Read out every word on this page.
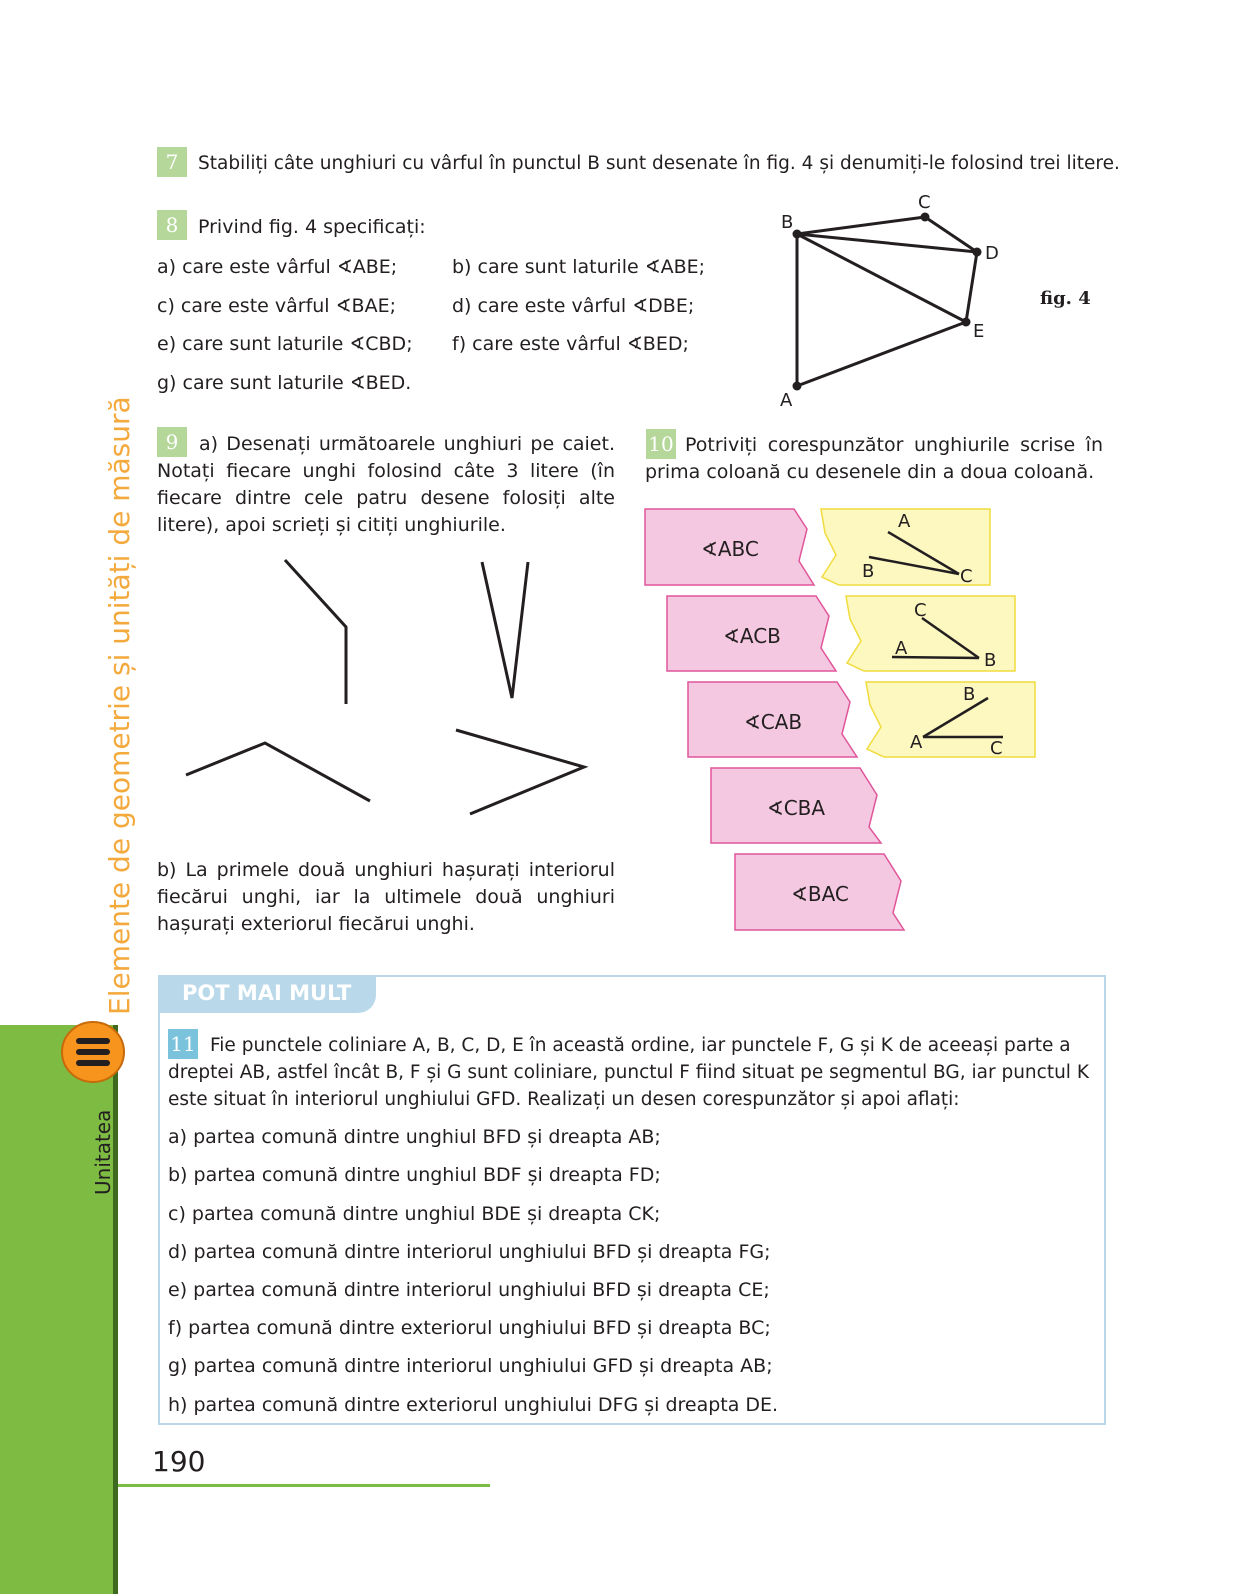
Elemente de geometrie și unități de măsură
Unitatea
7	Stabiliți câte unghiuri cu vârful în punctul B sunt desenate în fig. 4 și denumiți-le folosind trei litere.
8	Privind fig. 4 specificați:
a) care este vârful ∢ABE;	b) care sunt laturile ∢ABE;
c) care este vârful ∢BAE;	d) care este vârful ∢DBE;
e) care sunt laturile ∢CBD; f) care este vârful ∢BED;
g) care sunt laturile ∢BED.
B
C
D
E
A
fig. 4
9	a) Desenați următoarele unghiuri pe caiet. Notați fiecare unghi folosind câte 3 litere (în fiecare dintre cele patru desene folosiți alte litere), apoi scrieți și citiți unghiurile.
b) La primele două unghiuri hașurați interiorul fiecărui unghi, iar la ultimele două unghiuri hașurați exteriorul fiecărui unghi.
10 Potriviți corespunzător unghiurile scrise în prima coloană cu desenele din a doua coloană.
∢ABC
∢ACB
∢CAB
∢CBA
∢BAC
A
B	C
C
A
B
B
A	C
POT MAI MULT
11 Fie punctele coliniare A, B, C, D, E în această ordine, iar punctele F, G și K de aceeași parte a dreptei AB, astfel încât B, F și G sunt coliniare, punctul F fiind situat pe segmentul BG, iar punctul K este situat în interiorul unghiului GFD. Realizați un desen corespunzător și apoi aflați:
a) partea comună dintre unghiul BFD și dreapta AB;
b) partea comună dintre unghiul BDF și dreapta FD;
c) partea comună dintre unghiul BDE și dreapta CK;
d) partea comună dintre interiorul unghiului BFD și dreapta FG;
e) partea comună dintre interiorul unghiului BFD și dreapta CE;
f) partea comună dintre exteriorul unghiului BFD și dreapta BC;
g) partea comună dintre interiorul unghiului GFD și dreapta AB;
h) partea comună dintre exteriorul unghiului DFG și dreapta DE.
190
